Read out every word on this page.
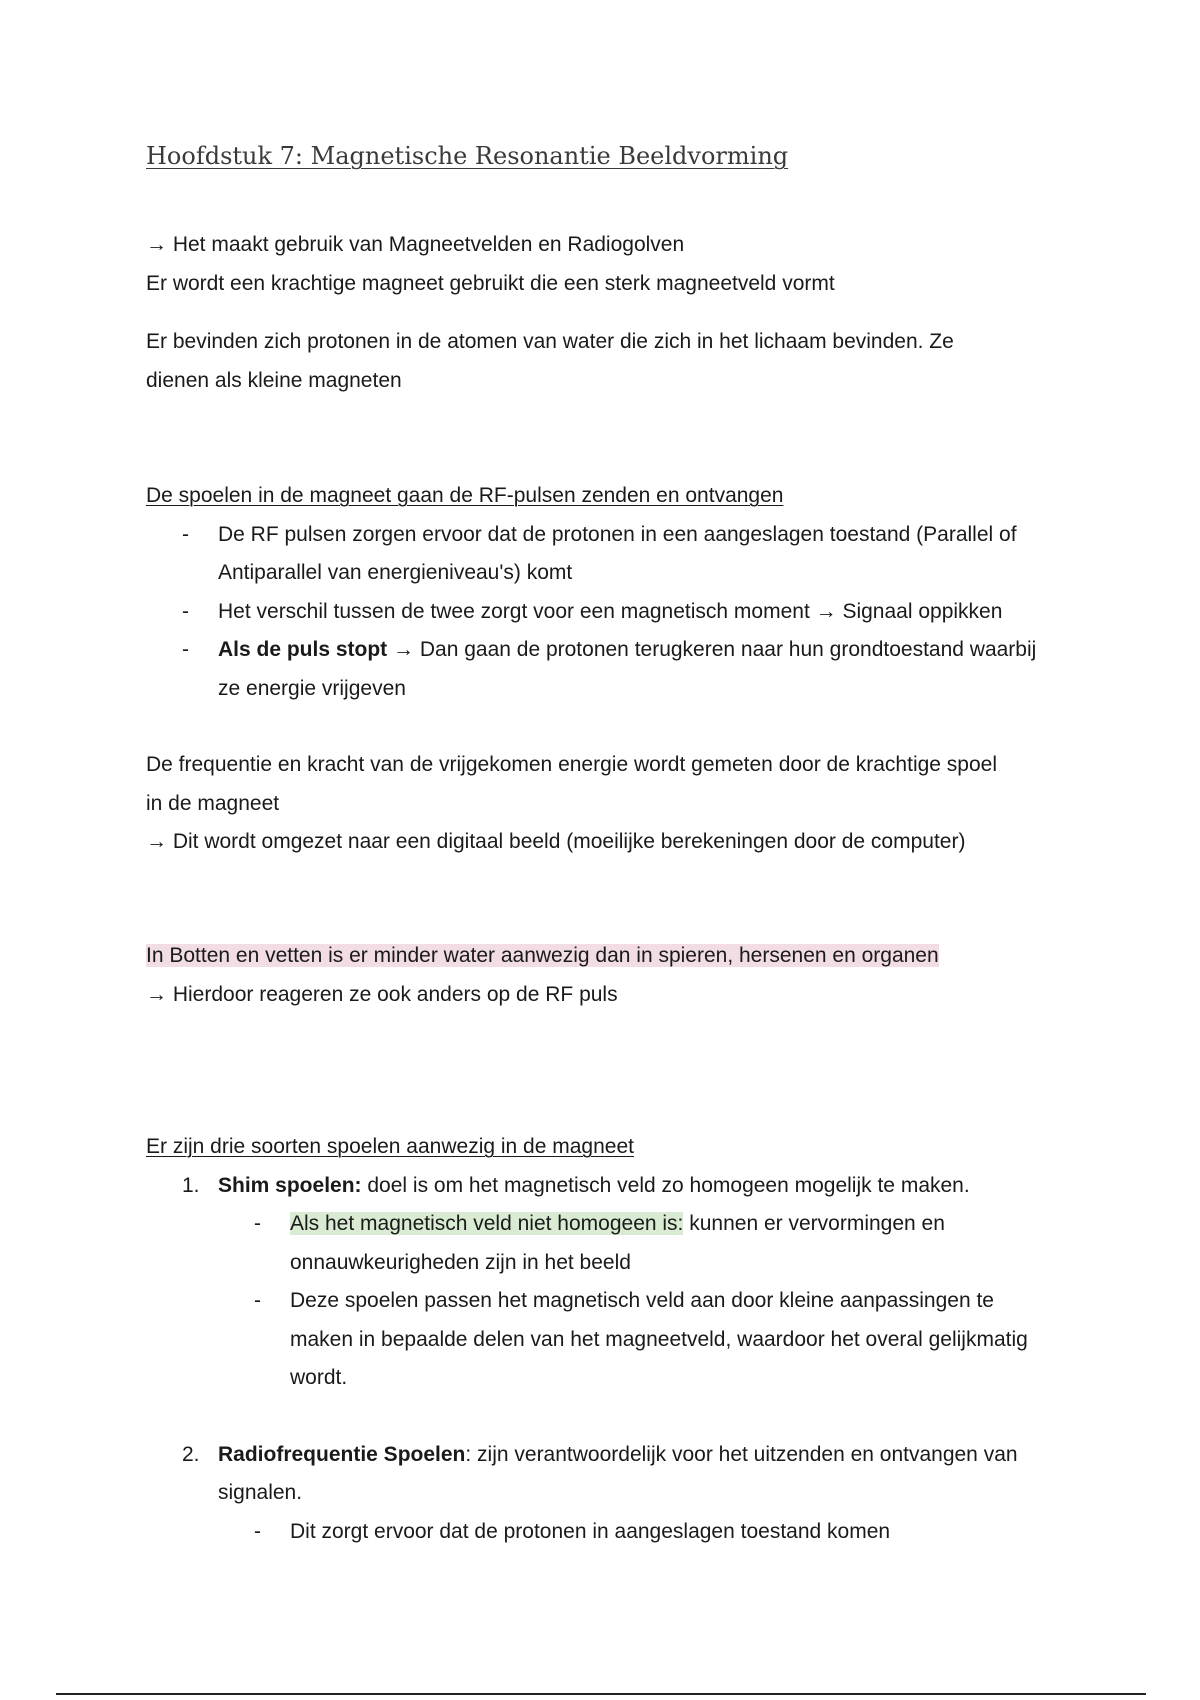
Hoofdstuk 7: Magnetische Resonantie Beeldvorming
→ Het maakt gebruik van Magneetvelden en Radiogolven
Er wordt een krachtige magneet gebruikt die een sterk magneetveld vormt
Er bevinden zich protonen in de atomen van water die zich in het lichaam bevinden. Ze
dienen als kleine magneten
De spoelen in de magneet gaan de RF-pulsen zenden en ontvangen
- De RF pulsen zorgen ervoor dat de protonen in een aangeslagen toestand (Parallel of Antiparallel van energieniveau's) komt
- Het verschil tussen de twee zorgt voor een magnetisch moment → Signaal oppikken
- Als de puls stopt → Dan gaan de protonen terugkeren naar hun grondtoestand waarbij ze energie vrijgeven
De frequentie en kracht van de vrijgekomen energie wordt gemeten door de krachtige spoel
in de magneet
→ Dit wordt omgezet naar een digitaal beeld (moeilijke berekeningen door de computer)
In Botten en vetten is er minder water aanwezig dan in spieren, hersenen en organen
→ Hierdoor reageren ze ook anders op de RF puls
Er zijn drie soorten spoelen aanwezig in de magneet
1. Shim spoelen: doel is om het magnetisch veld zo homogeen mogelijk te maken.
- Als het magnetisch veld niet homogeen is: kunnen er vervormingen en onnauwkeurigheden zijn in het beeld
- Deze spoelen passen het magnetisch veld aan door kleine aanpassingen te maken in bepaalde delen van het magneetveld, waardoor het overal gelijkmatig wordt.
2. Radiofrequentie Spoelen: zijn verantwoordelijk voor het uitzenden en ontvangen van signalen.
- Dit zorgt ervoor dat de protonen in aangeslagen toestand komen
